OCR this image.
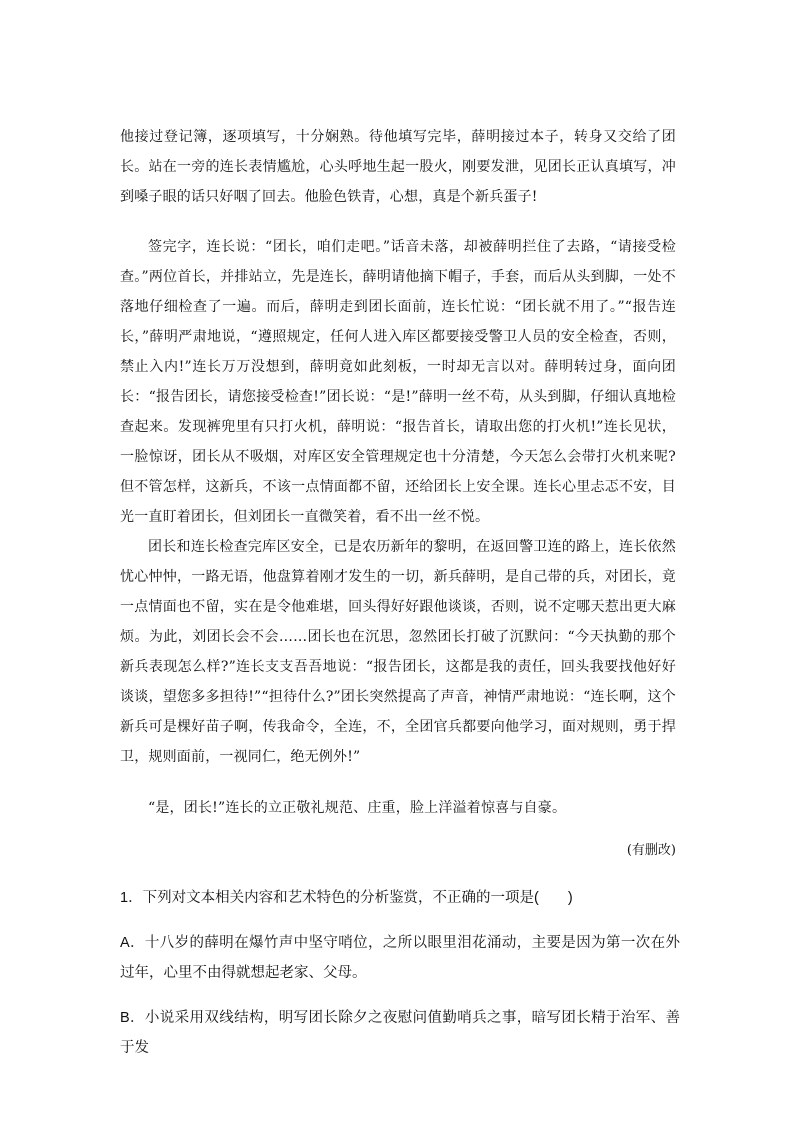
他接过登记簿，逐项填写，十分娴熟。待他填写完毕，薛明接过本子，转身又交给了团长。站在一旁的连长表情尴尬，心头呼地生起一股火，刚要发泄，见团长正认真填写，冲到嗓子眼的话只好咽了回去。他脸色铁青，心想，真是个新兵蛋子!
签完字，连长说：“团长，咱们走吧。”话音未落，却被薛明拦住了去路，“请接受检查。”两位首长，并排站立，先是连长，薛明请他摘下帽子，手套，而后从头到脚，一处不落地仔细检查了一遍。而后，薛明走到团长面前，连长忙说：“团长就不用了。”“报告连长，”薛明严肃地说，“遵照规定，任何人进入库区都要接受警卫人员的安全检查，否则，禁止入内!”连长万万没想到，薛明竟如此刻板，一时却无言以对。薛明转过身，面向团长：“报告团长，请您接受检查!”团长说：“是!”薛明一丝不苟，从头到脚，仔细认真地检查起来。发现裤兜里有只打火机，薛明说：“报告首长，请取出您的打火机!”连长见状，一脸惊讶，团长从不吸烟，对库区安全管理规定也十分清楚，今天怎么会带打火机来呢?但不管怎样，这新兵，不该一点情面都不留，还给团长上安全课。连长心里忐忑不安，目光一直盯着团长，但刘团长一直微笑着，看不出一丝不悦。
团长和连长检查完库区安全，已是农历新年的黎明，在返回警卫连的路上，连长依然忧心忡忡，一路无语，他盘算着刚才发生的一切，新兵薛明，是自己带的兵，对团长，竟一点情面也不留，实在是令他难堪，回头得好好跟他谈谈，否则，说不定哪天惹出更大麻烦。为此，刘团长会不会……团长也在沉思，忽然团长打破了沉默问：“今天执勤的那个新兵表现怎么样?”连长支支吾吾地说：“报告团长，这都是我的责任，回头我要找他好好谈谈，望您多多担待!”“担待什么?”团长突然提高了声音，神情严肃地说：“连长啊，这个新兵可是棵好苗子啊，传我命令，全连，不，全团官兵都要向他学习，面对规则，勇于捍卫，规则面前，一视同仁，绝无例外!”
“是，团长!”连长的立正敬礼规范、庄重，脸上洋溢着惊喜与自豪。
(有删改)
1．下列对文本相关内容和艺术特色的分析鉴赏，不正确的一项是(　　)
A．十八岁的薛明在爆竹声中坚守哨位，之所以眼里泪花涌动，主要是因为第一次在外过年，心里不由得就想起老家、父母。
B．小说采用双线结构，明写团长除夕之夜慰问值勤哨兵之事，暗写团长精于治军、善于发
